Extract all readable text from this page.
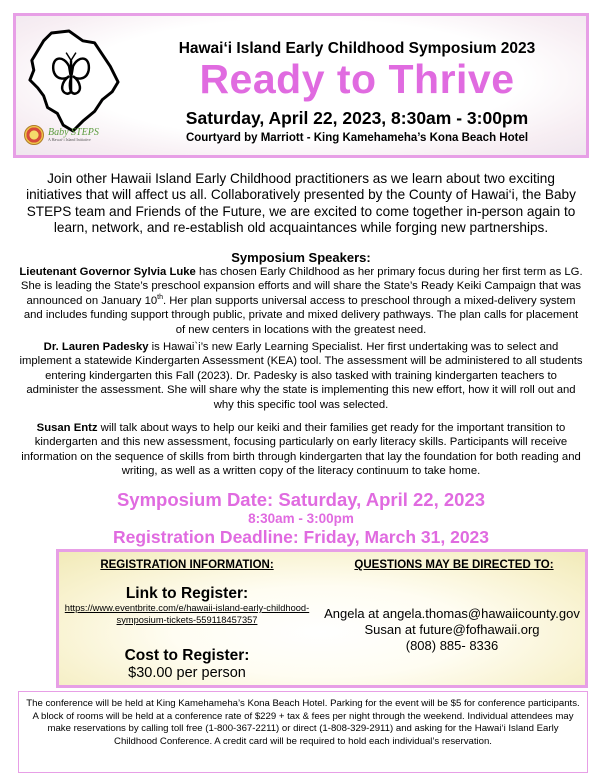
Baby STEPS
A Hawai‘i Island Initiative
Hawai‘i Island Early Childhood Symposium 2023
Ready to Thrive
Saturday, April 22, 2023, 8:30am - 3:00pm
Courtyard by Marriott - King Kamehameha’s Kona Beach Hotel
Join other Hawaii Island Early Childhood practitioners as we learn about two exciting initiatives that will affect us all. Collaboratively presented by the County of Hawai‘i, the Baby STEPS team and Friends of the Future, we are excited to come together in-person again to learn, network, and re-establish old acquaintances while forging new partnerships.
Symposium Speakers:
Lieutenant Governor Sylvia Luke has chosen Early Childhood as her primary focus during her first term as LG. She is leading the State’s preschool expansion efforts and will share the State’s Ready Keiki Campaign that was announced on January 10th. Her plan supports universal access to preschool through a mixed-delivery system and includes funding support through public, private and mixed delivery pathways. The plan calls for placement of new centers in locations with the greatest need.
Dr. Lauren Padesky is Hawai`i’s new Early Learning Specialist. Her first undertaking was to select and implement a statewide Kindergarten Assessment (KEA) tool. The assessment will be administered to all students entering kindergarten this Fall (2023). Dr. Padesky is also tasked with training kindergarten teachers to administer the assessment. She will share why the state is implementing this new effort, how it will roll out and why this specific tool was selected.
Susan Entz will talk about ways to help our keiki and their families get ready for the important transition to kindergarten and this new assessment, focusing particularly on early literacy skills. Participants will receive information on the sequence of skills from birth through kindergarten that lay the foundation for both reading and writing, as well as a written copy of the literacy continuum to take home.
Symposium Date: Saturday, April 22, 2023
8:30am - 3:00pm
Registration Deadline: Friday, March 31, 2023
REGISTRATION INFORMATION:	QUESTIONS MAY BE DIRECTED TO:
Link to Register:
https://www.eventbrite.com/e/hawaii-island-early-childhood-symposium-tickets-559118457357
Cost to Register:
$30.00 per person
Angela at angela.thomas@hawaiicounty.gov
Susan at future@fofhawaii.org
(808) 885- 8336
The conference will be held at King Kamehameha’s Kona Beach Hotel. Parking for the event will be $5 for conference participants. A block of rooms will be held at a conference rate of $229 + tax & fees per night through the weekend. Individual attendees may make reservations by calling toll free (1-800-367-2211) or direct (1-808-329-2911) and asking for the Hawai‘i Island Early Childhood Conference. A credit card will be required to hold each individual’s reservation.
